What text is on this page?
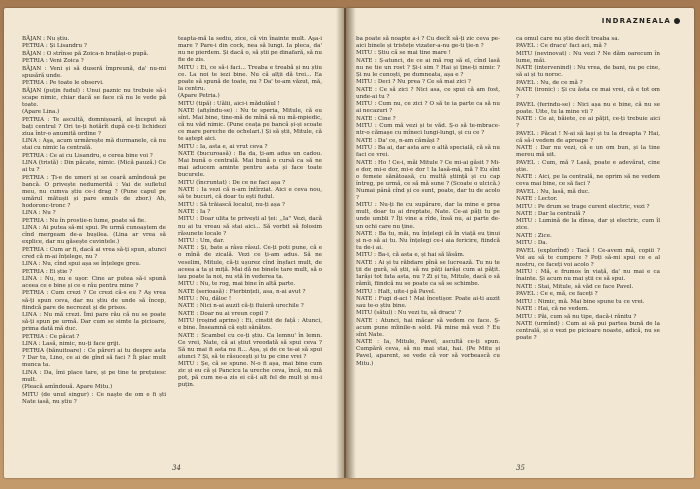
BĂJAN : Nu știu.

PETRIA : Și Lisandru ?

BĂJAN : O strînse pă Zoica-n brațăși-o pupă.

PETRIA : Veni Zoica ?

BĂJAN : Veni și să duseră împreună, da' nu-mi spusără unde.

PETRIA : Pe toate le observi.

BĂJAN (puțin fudul) : Unui paznic nu trebuie să-i scape nimic, chiar dacă se face că nu le vede pă toate.

(Apare Lina.)

PETRIA : Te ascultă, domnișoară, al început să bați centrul ? Ori te-ți hotărît după ce-ți lichidezi ziua într-o anumită ordine ?

LINA : Aşa, acum urmărește mă durmanele, că nu stai cu nimic la centrală.

PETRIA : Ce ai cu Lisandru, e cerea bine voi ?

LINA (tristă) : Din păcate, nimic. (Mică pauză.) Ce ai tu ?

PETRIA : Ți-e de umeri și se ceară amîndouă pe bancă. O privește nedumerită : Vai de sufletul meu, nu cumva știu ce-i drag ? (Pune capul pe umărul mătușii și pare smuls de zbor.) Ah, hodoronc-tronc ?

LINA : Nu ?

PETRIA : Nu în prostie-n lume, poate să fie.

LINA : Ai putea să-mi spui. Pe urmă cunoaștem de cînd mergeam de-a bușilea. (Lina ar vrea să explice, dar nu găsește cuvintele.)

PETRIA : Cum ar fi, dacă ai vrea să-ți spun, atunci cred că m-ai înțelege, nu ?

LINA : Nu, cînd spui așa se înțelege greu.

PETRIA : Ei știe ?

LINA : Nu, nu e ușor. Cine ar putea să-i spună aceea ce e bine și ce e rău pentru mine ?

PETRIA : Cum crezi ? Ce crezi că-s eu ? Aș vrea să-ți spun ceva, dar nu știu de unde să încep, fiindcă pare de necrezut și de prisos.

LINA : Nu mă crezi. Îmi pare rău că nu se poate să-ți spun pe urmă. Dar cum se simte la picioare, prima dată mă duc.

PETRIA : Ce păcat ?

LINA : Lasă, nimic, nu-ți face griji.

PETRIA (bănuitoare) : Ce păreri ai tu despre asta ? Dar tu, Lino, ce ai de gînd să faci ? Îi plac mult munca ta.

LINA : Da, îmi place tare, și pe tine te prețuiesc mult.

(Pleacă amîndouă. Apare Mitu.)

MITU (de unul singur) : Ce naște de om e fi ști Nate iasă, nu știu ?

teapta-mă la sediu, zice, că vin înainte mult. Aşa-i mare ? Pare-i din cock, nea să lungi. Ia pleca, da' nu ne pierdem. Și dacă o, să știi pe dinafară, să nu fie de zis.

MITU : Ei, ce să-i faci... Treaba e treabă și nu știu ce. La noi te iezi bine. Nu că alții dă trei... Ea poate să spună de toate, nu ? Da' te-am văzut, mă, la centru.

(Apare Petria.)

MITU (tipă) : Uălii, aici-i mădulăul !

NATE (afișîndu-se) : Nu te speria, Mitule, că eu sînt. Mai bine, tine-mă de mînă să nu mă-mpiedic, că nu văd nimic. (Pune ceața pe bancă și-și scoate ce mare pereche de ochelari.) Și să știi, Mitule, că te aștept aici.

MITU : Ia, asta e, ai vrut ceva ?

NATE (bucuroasă) : Ba da, ți-am adus un cadou. Mai bună o centrală. Mai bună o cursă ca să ne mai aducem aminte pentru asta și face toate bucurele.

MITU (încruntat) : De ce ne faci așa ?

NATE : Ia vezi că n-am întîrziat. Aici e ceva nou, să te bucuri, că doar tu ești fudul.

MITU : Să trăiască localul, nu-ți așa ?

NATE : Ia ?

MITU : Doar ulita te privești al ței: ,,Ia'' Vezi, dacă nu ai tu vreau să stai aici... Să vorbit să folosim răsunete locale ?

MITU : Um, dar.

NATE : Și, bate a râsu râsul. Ce-ți poti pune, că e o mînă de zicală. Vezi ce ți-am adus. Să ne veselim, Mitule, că-ți ușurez cînd înșfaci mult, de aceea a ta și miță. Mai dă ne binele tare mult, să o iau poate la noi, nu stă în vederea ta.

MITU : Nu, te rog, mai bine în altă parte.

NATE (serioasă) : Fierbințeli, asa, n-ai avut ?

MITU : Nu, dâloc !

NATE : Nici n-ai auzit că-ți fluieră urechile ?

NATE : Doar nu ai vreun copil ?

MITU (roșind aprins) : Ei, cinstit de față : Atunci, e bine. Înseamnă că ești sănătos.

NATE : Scambel cu ce-ți știu. Ca lemnu' în lemn. Ce vrei, Nate, că ai știut vreodată să spui ceva ? Să nu mai fi asta nu fi... Așa, și de ce te-ai să spui atunci ? Și, să te răsucești și tu pe cine vrei ?

MITU : Șe, că se spune. N-o fi așa, mai bine cum zic și eu că și Pancicu la ureche ceva, încă, nu mă pot, pă cum ne-a zis ei că-i alt fel de mult și nu-i puțin.

34
INDRAZNEALA

ba poate să noapte a-i ? Cu decît să-ți zic ceva pe-aici binele și tristețe vizater-a-nu ge-ti ție-n ?

MITU : Știu că se mai tine mare !

NATE : Ș-atunci, de ce ai mă rog să el, cînd lasă nu ne tie un rost ? Și-i sim ? Hai și ține-ți nimic ? Și nu le cunoști, pe dumneata, așa e ?

MITU : Deci ? Nu prea ? Ce să mai zici ?

NATE : Ce să zici ? Nici asa, ce spui că am fost, unde-ai tu ?

MITU : Cum nu, ce zici ? O să te ia parte ca să nu ai necazuri ?

NATE : Cine ?

MITU : Cum mă vezi și te văd. Ș-o să te-mbrace-ntr-o cămașe cu mîneci lungi-lungi, și cu ce ?

NATE : Da' ce, n-am cămăși ?

MITU : Ba ai, dar asta are o altă specială, că să nu faci ce vrei.

NATE : Ho ! Ce-i, măi Mitule ? Ce mi-ai găsit ? Mi-e dor, mi-e dor, mi-e dor ! Ia lasă-mă, mă ? Eu sînt o femeie sănătoasă, cu multă știință și cu cap întreg, pe urmă, ce să mă sune ? (Scoate o ulcică.) Numai până cînd și ce sunt, poate, dar tu de acolo ?

MITU : Nu-ți fie cu supărare, dar la mine e prea mult, doar tu ai dreptate, Nate. Ce-ai păți tu pe unde umbli ? Îți vine a rîde, însă nu, ai parte de-un ochi care nu ține.

NATE : Ba tu, măi, nu înțelegi că în viață eu ținui și n-o să ai tu. Nu înțelegi ce-i aia fericire, fiindcă tu de-i ai.

MITU : Ba-i, că asta e, și hai să lăsăm.

NATE : Ai și tu răbdare pînă se lucrează. Tu nu te ții de gură, să știi, să nu păți iarăși cum ai pățit. Iarăși tot fata asta, nu ? Zi și tu, Mitule, dacă o să rămîi, fiindcă nu se poate ca să se schimbe.

MITU : Halt, uite-i pă Pavel.

NATE : Fugi d-aci ! Mai încetișor. Poate ai-ti auzit sau te-o știu bine.

MITU (sătul) : Nu vezi tu, să dracu' ?

NATE : Atunci, hai măcar să vedem ce face. Ș-acum pune mîinile-n sold. Pă mine mă vezi ? Eu sînt Nate.

NATE : Ia, Mitule, Pavel, ascultă ce-ți spun. Cumpără ceva, să nu mai stai, hai. (Pe Mitu și Pavel, aparent, se vede că vor să vorbească cu Mitu.)

ca omul care nu știe decît treaba sa.

PAVEL : Ce dracu' faci aci, mă ?

MITU (nevinovat) : Nu vezi ? Ne dăm oarecum în lume, măi.

NATE (intervenind) : Nu vrea, de bani, nu pe cine, să ai și tu noroc.

PAVEL : Nu, de ce mă ?

NATE (ironic) : Și cu ăsta ce mai vrei, că e tot om ?

PAVEL (ferindu-se) : Nici așa nu e bine, că nu se poate. Uite, tu la mine vii ?

NATE : Ce ai, băiete, ce ai pățit, ce-ți trebuie aici ?

PAVEL : Păcat ! N-ai să lași și tu la dreapta ? Hai, că să-i vedem de aproape ?

NATE : Dar nu vezi, că e un om bun, și la tine mereu mă uit.

PAVEL : Cum, mă ? Lasă, poate e adevărat, cine știe.

NATE : Aici, pe la centrală, ne oprim să ne vedem ceva mai bine, ce să faci ?

PAVEL : Nu, lasă, mă duc.

NATE : Lector.

MITU : Pe drum se trage curent electric, vezi ?

NATE : Dar la centrală ?

MITU : Lumină de la dînsa, dar și electric, cum îl zice.

NATE : Zice.

MITU : Da.

PAVEL (explorînd) : Tacă ! Ce-avem mă, copiii ? Voi au să te cumpere ? Poți să-mi spui ce e al nostru, ce faceți voi acolo ?

MITU : Mă, e frumos în viață, da' nu mai e ca înainte. Și acum nu mai știi ce să spui.

NATE : Stai, Mitule, să văd ce face Pavel.

PAVEL : Ce e, mă, ce faceți ?

MITU : Nimic, mă. Mai bine spune tu ce vrei.

NATE : Hai, că ne vedem.

MITU : Păi, cum să nu tipe, dacă-i rănitu ?

NATE (urmînd) : Cum ai să pui partea bună de la centrală, și o vezi pe picioare noaste, adică, nu se poate ?

35
